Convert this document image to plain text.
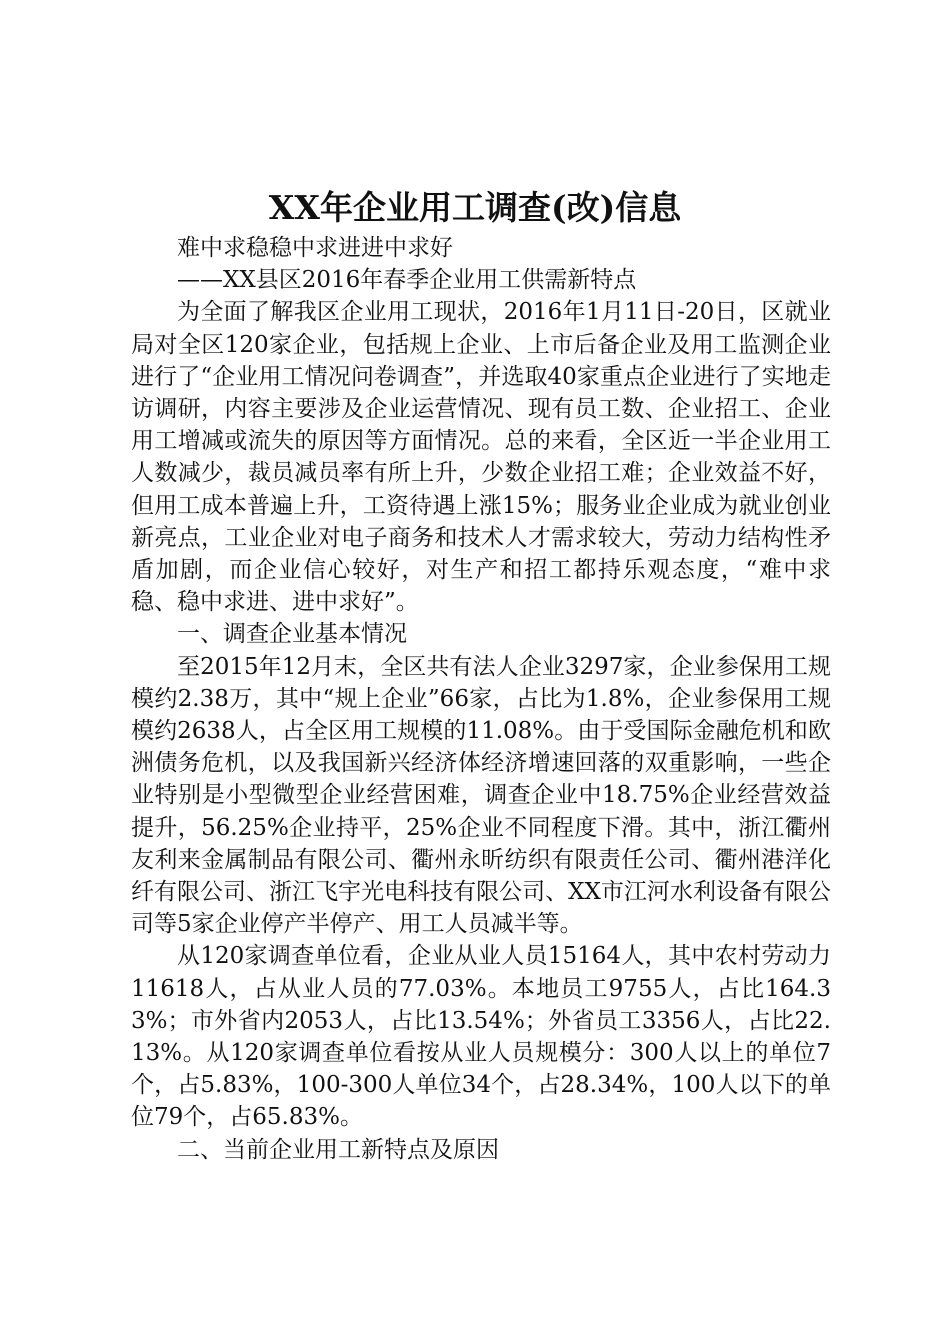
XX年企业用工调查(改)信息

难中求稳稳中求进进中求好

——XX县区2016年春季企业用工供需新特点

为全面了解我区企业用工现状，2016年1月11日-20日，区就业局对全区120家企业，包括规上企业、上市后备企业及用工监测企业进行了“企业用工情况问卷调查”，并选取40家重点企业进行了实地走访调研，内容主要涉及企业运营情况、现有员工数、企业招工、企业用工增减或流失的原因等方面情况。总的来看，全区近一半企业用工人数减少，裁员减员率有所上升，少数企业招工难；企业效益不好，但用工成本普遍上升，工资待遇上涨15%；服务业企业成为就业创业新亮点，工业企业对电子商务和技术人才需求较大，劳动力结构性矛盾加剧，而企业信心较好，对生产和招工都持乐观态度，“难中求稳、稳中求进、进中求好”。

一、调查企业基本情况

至2015年12月末，全区共有法人企业3297家，企业参保用工规模约2.38万，其中“规上企业”66家，占比为1.8%，企业参保用工规模约2638人，占全区用工规模的11.08%。由于受国际金融危机和欧洲债务危机，以及我国新兴经济体经济增速回落的双重影响，一些企业特别是小型微型企业经营困难，调查企业中18.75%企业经营效益提升，56.25%企业持平，25%企业不同程度下滑。其中，浙江衢州友利来金属制品有限公司、衢州永昕纺织有限责任公司、衢州港洋化纤有限公司、浙江飞宇光电科技有限公司、XX市江河水利设备有限公司等5家企业停产半停产、用工人员减半等。

从120家调查单位看，企业从业人员15164人，其中农村劳动力11618人，占从业人员的77.03%。本地员工9755人，占比164.33%；市外省内2053人，占比13.54%；外省员工3356人，占比22.13%。从120家调查单位看按从业人员规模分：300人以上的单位7个，占5.83%，100-300人单位34个，占28.34%，100人以下的单位79个，占65.83%。

二、当前企业用工新特点及原因
